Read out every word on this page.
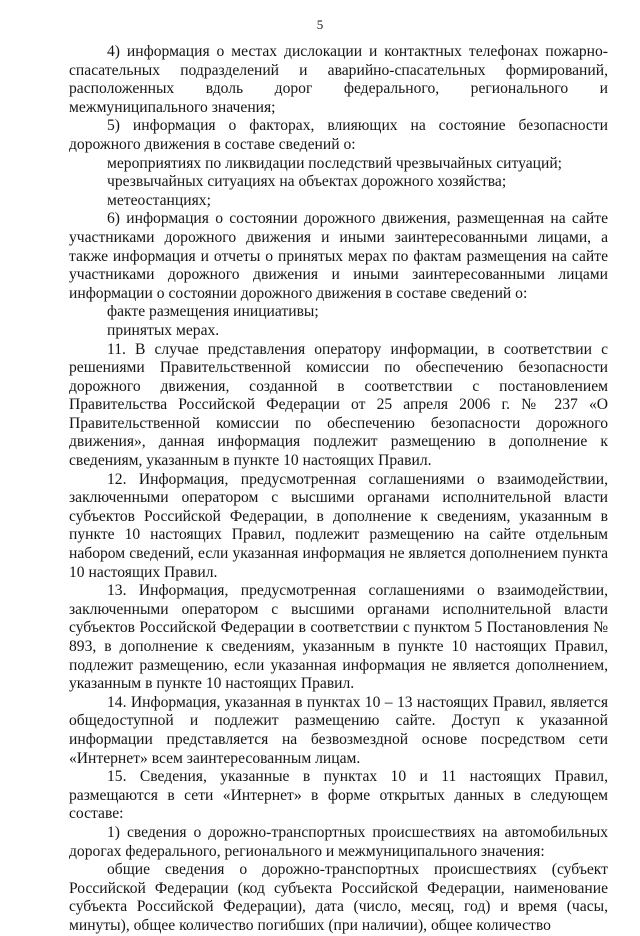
5

4) информация о местах дислокации и контактных телефонах пожарно-спасательных подразделений и аварийно-спасательных формирований, расположенных вдоль дорог федерального, регионального и межмуниципального значения;

5) информация о факторах, влияющих на состояние безопасности дорожного движения в составе сведений о:

мероприятиях по ликвидации последствий чрезвычайных ситуаций;

чрезвычайных ситуациях на объектах дорожного хозяйства;

метеостанциях;

6) информация о состоянии дорожного движения, размещенная на сайте участниками дорожного движения и иными заинтересованными лицами, а также информация и отчеты о принятых мерах по фактам размещения на сайте участниками дорожного движения и иными заинтересованными лицами информации о состоянии дорожного движения в составе сведений о:

факте размещения инициативы;

принятых мерах.

11. В случае представления оператору информации, в соответствии с решениями Правительственной комиссии по обеспечению безопасности дорожного движения, созданной в соответствии с постановлением Правительства Российской Федерации от 25 апреля 2006 г. № 237 «О Правительственной комиссии по обеспечению безопасности дорожного движения», данная информация подлежит размещению в дополнение к сведениям, указанным в пункте 10 настоящих Правил.

12. Информация, предусмотренная соглашениями о взаимодействии, заключенными оператором с высшими органами исполнительной власти субъектов Российской Федерации, в дополнение к сведениям, указанным в пункте 10 настоящих Правил, подлежит размещению на сайте отдельным набором сведений, если указанная информация не является дополнением пункта 10 настоящих Правил.

13. Информация, предусмотренная соглашениями о взаимодействии, заключенными оператором с высшими органами исполнительной власти субъектов Российской Федерации в соответствии с пунктом 5 Постановления № 893, в дополнение к сведениям, указанным в пункте 10 настоящих Правил, подлежит размещению, если указанная информация не является дополнением, указанным в пункте 10 настоящих Правил.

14. Информация, указанная в пунктах 10 – 13 настоящих Правил, является общедоступной и подлежит размещению сайте. Доступ к указанной информации представляется на безвозмездной основе посредством сети «Интернет» всем заинтересованным лицам.

15. Сведения, указанные в пунктах 10 и 11 настоящих Правил, размещаются в сети «Интернет» в форме открытых данных в следующем составе:

1) сведения о дорожно-транспортных происшествиях на автомобильных дорогах федерального, регионального и межмуниципального значения:

общие сведения о дорожно-транспортных происшествиях (субъект Российской Федерации (код субъекта Российской Федерации, наименование субъекта Российской Федерации), дата (число, месяц, год) и время (часы, минуты), общее количество погибших (при наличии), общее количество
